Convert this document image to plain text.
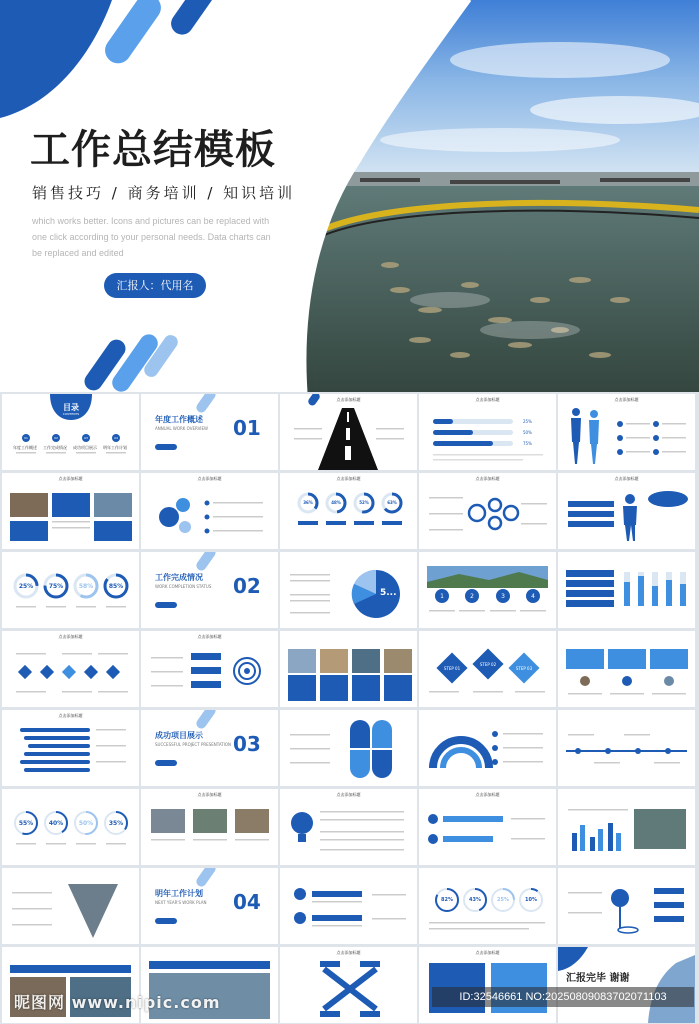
工作总结模板
销售技巧 / 商务培训 / 知识培训
which works better. Icons and pictures can be replaced with one click according to your personal needs. Data charts can be replaced and edited
汇报人：代用名
目录
CONTENTS
01	02	03	04
年度工作概述 工作完成情况 成功项目展示 明年工作计划
年度工作概述
ANNUAL WORK OVERVIEW 01
点击添加标题	点击添加标题
25%
50%
75%
点击添加标题
点击添加标题	点击添加标题	点击添加标题
36%	48%	52%	63%
点击添加标题	点击添加标题
25%	75%	58%	85%
工作完成情况
WORK COMPLETION STATUS 02	5...	1	2	3	4
点击添加标题	点击添加标题
STEP 01
STEP 02
STEP 03
点击添加标题
成功项目展示
SUCCESSFUL PROJECT PRESENTATION 03
55%	40%	50%	35%
点击添加标题	点击添加标题	点击添加标题
明年工作计划
NEXT YEAR'S WORK PLAN 04	82%	43%	25%	10%
点击添加标题	点击添加标题
汇报完毕 谢谢
昵图网 www.nipic.com	ID:32546661 NO:20250809083702071103
